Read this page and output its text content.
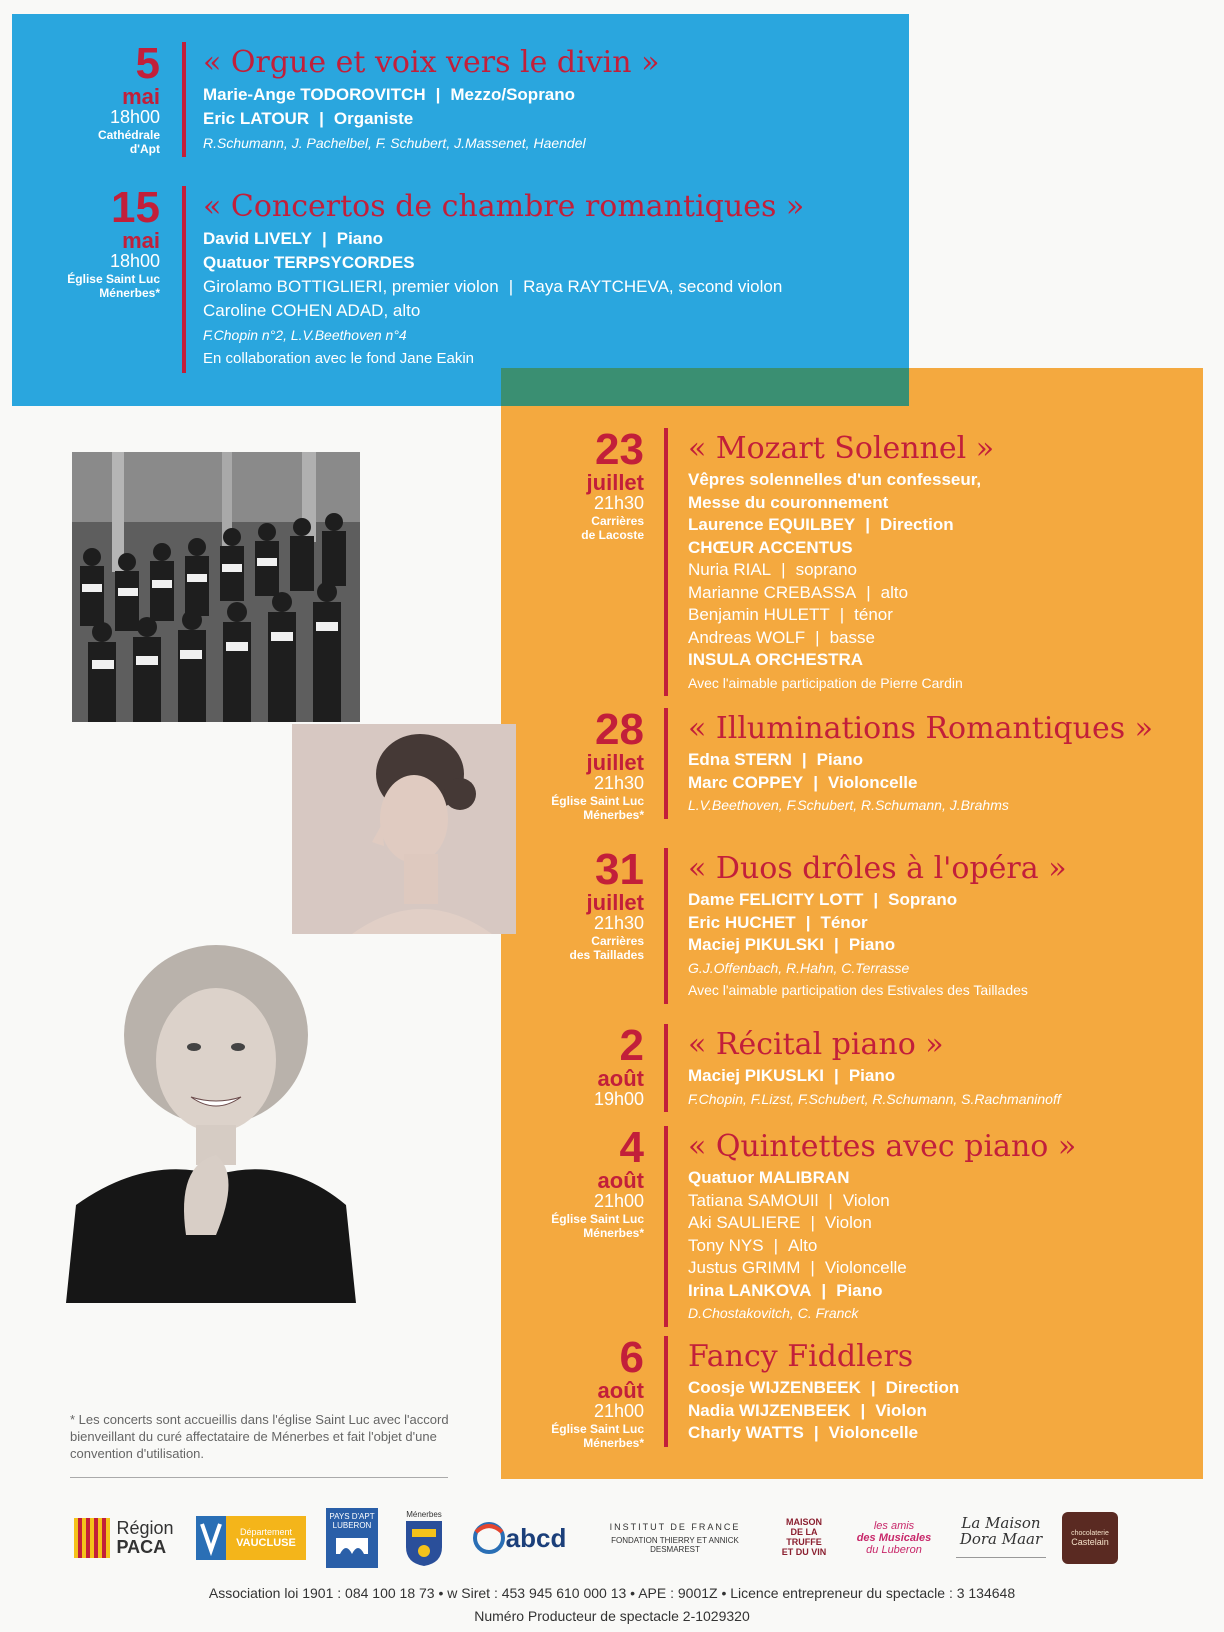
* Les concerts sont accueillis dans l'église Saint Luc avec l'accord bienveillant du curé affectataire de Ménerbes et fait l'objet d'une convention d'utilisation.
Région
PACA
Département
VAUCLUSE
PAYS D'APT
LUBERON
Ménerbes
abcd	INSTITUT DE FRANCE
FONDATION THIERRY ET ANNICK DESMAREST
MAISON
DE LA TRUFFE
ET DU VIN
les amis
des Musicales
du Luberon
La Maison
Dora Maar	chocolaterie
Castelain
Association loi 1901 : 084 100 18 73 • w Siret : 453 945 610 000 13 • APE : 9001Z • Licence entrepreneur du spectacle : 3 134648
Numéro Producteur de spectacle 2-1029320
5
mai
18h00
Cathédrale
d'Apt
« Orgue et voix vers le divin »
Marie-Ange TODOROVITCH | Mezzo/Soprano
Eric LATOUR | Organiste
R.Schumann, J. Pachelbel, F. Schubert, J.Massenet, Haendel
15
mai
18h00
Église Saint Luc
Ménerbes*
« Concertos de chambre romantiques »
David LIVELY | Piano
Quatuor TERPSYCORDES
Girolamo BOTTIGLIERI, premier violon | Raya RAYTCHEVA, second violon
Caroline COHEN ADAD, alto
F.Chopin n°2, L.V.Beethoven n°4
En collaboration avec le fond Jane Eakin
23
juillet
21h30
Carrières
de Lacoste
« Mozart Solennel »
Vêpres solennelles d'un confesseur,
Messe du couronnement
Laurence EQUILBEY | Direction
CHŒUR ACCENTUS
Nuria RIAL | soprano
Marianne CREBASSA | alto
Benjamin HULETT | ténor
Andreas WOLF | basse
INSULA ORCHESTRA
Avec l'aimable participation de Pierre Cardin
28
juillet
21h30
Église Saint Luc
Ménerbes*
« Illuminations Romantiques »
Edna STERN | Piano
Marc COPPEY | Violoncelle
L.V.Beethoven, F.Schubert, R.Schumann, J.Brahms
31
juillet
21h30
Carrières
des Taillades
« Duos drôles à l'opéra »
Dame FELICITY LOTT | Soprano
Eric HUCHET | Ténor
Maciej PIKULSKI | Piano
G.J.Offenbach, R.Hahn, C.Terrasse
Avec l'aimable participation des Estivales des Taillades
2
août
19h00
« Récital piano »
Maciej PIKUSLKI | Piano
F.Chopin, F.Lizst, F.Schubert, R.Schumann, S.Rachmaninoff
4
août
21h00
Église Saint Luc
Ménerbes*
« Quintettes avec piano »
Quatuor MALIBRAN
Tatiana SAMOUIl | Violon
Aki SAULIERE | Violon
Tony NYS | Alto
Justus GRIMM | Violoncelle
Irina LANKOVA | Piano
D.Chostakovitch, C. Franck
6
août
21h00
Église Saint Luc
Ménerbes*
Fancy Fiddlers
Coosje WIJZENBEEK | Direction
Nadia WIJZENBEEK | Violon
Charly WATTS | Violoncelle
